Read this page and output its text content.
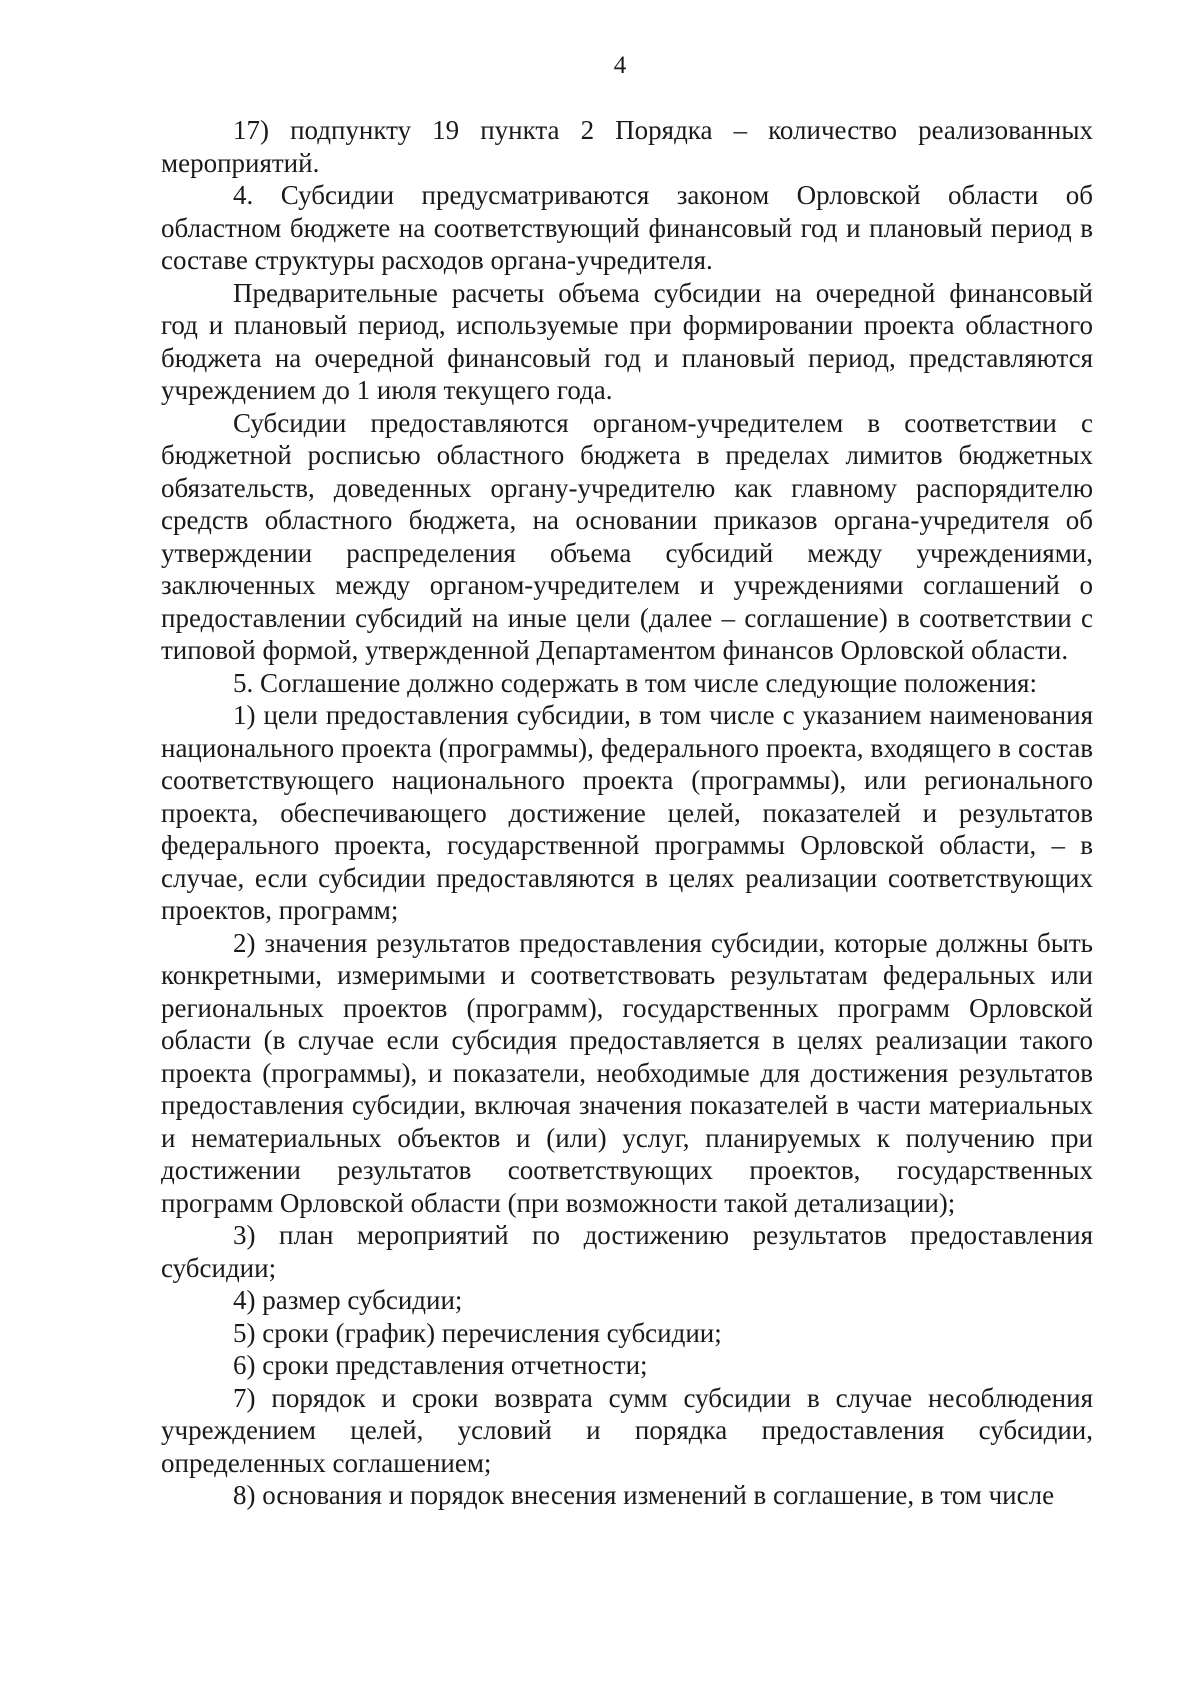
4

17) подпункту 19 пункта 2 Порядка – количество реализованных мероприятий.

4. Субсидии предусматриваются законом Орловской области об областном бюджете на соответствующий финансовый год и плановый период в составе структуры расходов органа-учредителя.

Предварительные расчеты объема субсидии на очередной финансовый год и плановый период, используемые при формировании проекта областного бюджета на очередной финансовый год и плановый период, представляются учреждением до 1 июля текущего года.

Субсидии предоставляются органом-учредителем в соответствии с бюджетной росписью областного бюджета в пределах лимитов бюджетных обязательств, доведенных органу-учредителю как главному распорядителю средств областного бюджета, на основании приказов органа-учредителя об утверждении распределения объема субсидий между учреждениями, заключенных между органом-учредителем и учреждениями соглашений о предоставлении субсидий на иные цели (далее – соглашение) в соответствии с типовой формой, утвержденной Департаментом финансов Орловской области.

5. Соглашение должно содержать в том числе следующие положения:

1) цели предоставления субсидии, в том числе с указанием наименования национального проекта (программы), федерального проекта, входящего в состав соответствующего национального проекта (программы), или регионального проекта, обеспечивающего достижение целей, показателей и результатов федерального проекта, государственной программы Орловской области, – в случае, если субсидии предоставляются в целях реализации соответствующих проектов, программ;

2) значения результатов предоставления субсидии, которые должны быть конкретными, измеримыми и соответствовать результатам федеральных или региональных проектов (программ), государственных программ Орловской области (в случае если субсидия предоставляется в целях реализации такого проекта (программы), и показатели, необходимые для достижения результатов предоставления субсидии, включая значения показателей в части материальных и нематериальных объектов и (или) услуг, планируемых к получению при достижении результатов соответствующих проектов, государственных программ Орловской области (при возможности такой детализации);

3) план мероприятий по достижению результатов предоставления субсидии;

4) размер субсидии;

5) сроки (график) перечисления субсидии;

6) сроки представления отчетности;

7) порядок и сроки возврата сумм субсидии в случае несоблюдения учреждением целей, условий и порядка предоставления субсидии, определенных соглашением;

8) основания и порядок внесения изменений в соглашение, в том числе
